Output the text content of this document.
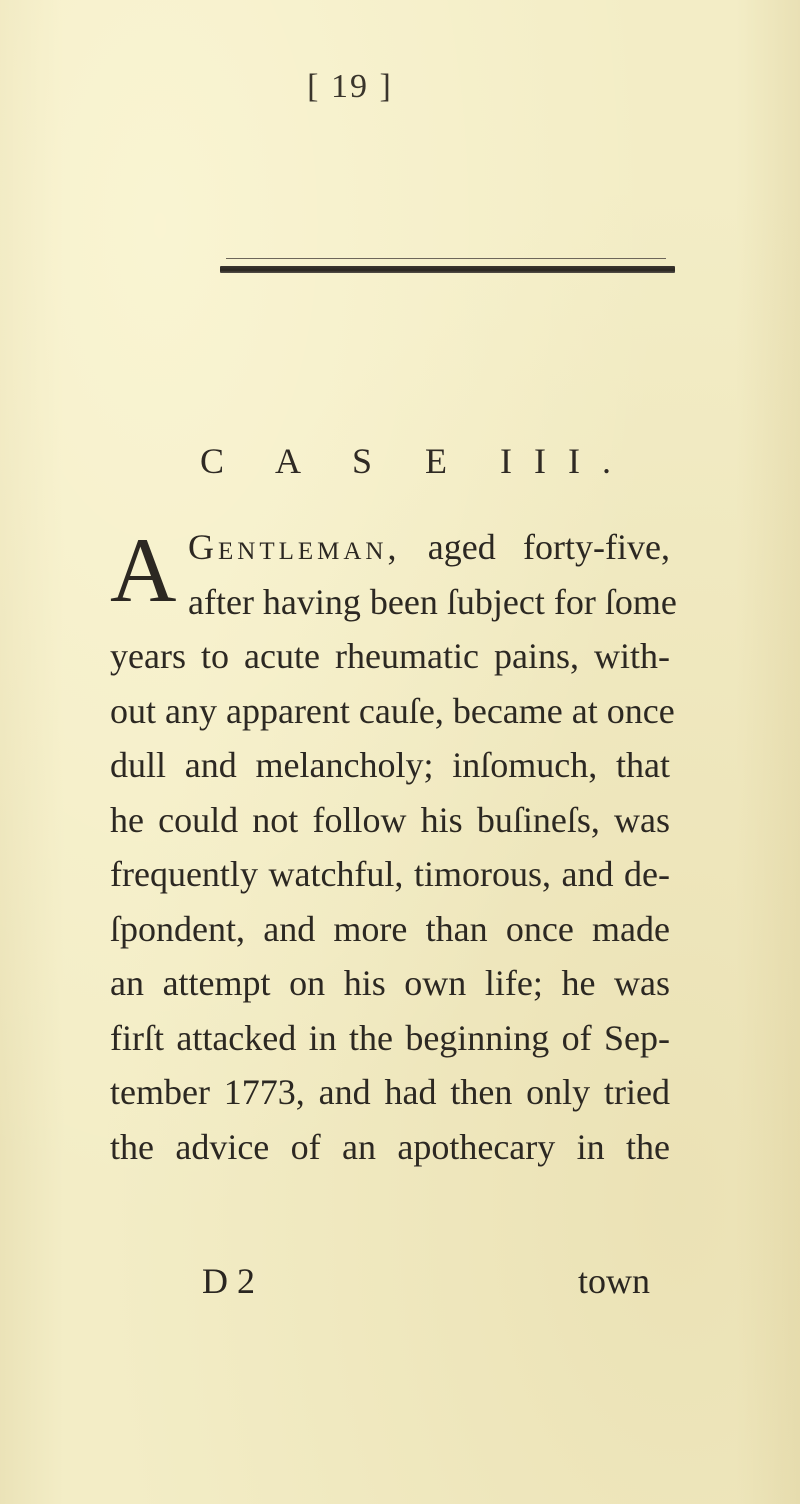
[ 19 ]
C A S E III.
A Gentleman, aged forty-five,
after having been ſubject for ſome
years to acute rheumatic pains, with-
out any apparent cauſe, became at once
dull and melancholy; inſomuch, that
he could not follow his buſineſs, was
frequently watchful, timorous, and de-
ſpondent, and more than once made
an attempt on his own life; he was
firſt attacked in the beginning of Sep-
tember 1773, and had then only tried
the advice of an apothecary in the
D 2	town
